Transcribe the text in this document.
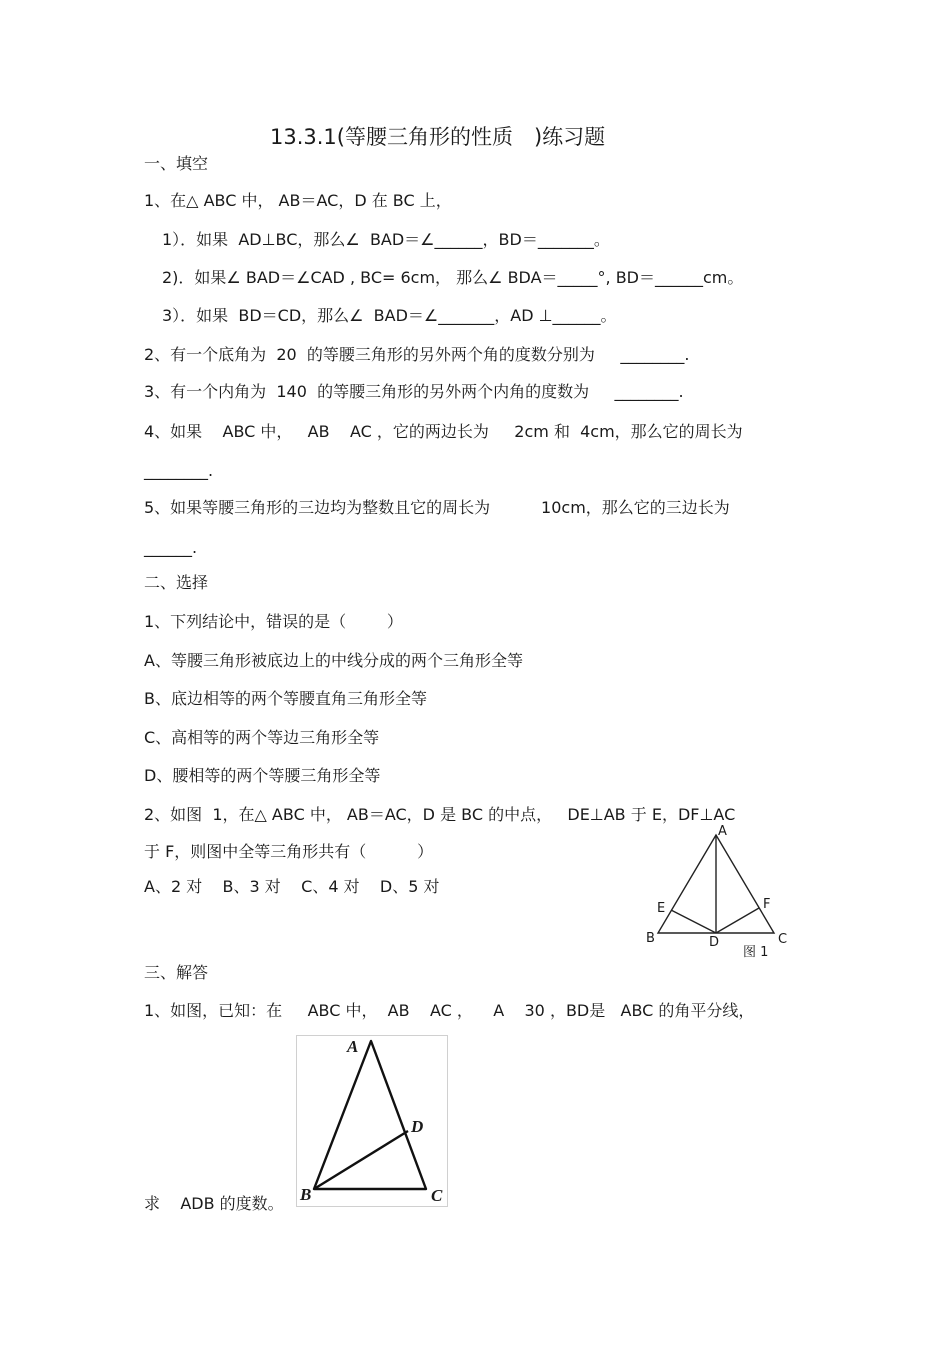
13.3.1(等腰三角形的性质　)练习题
一、填空
1、在△ ABC 中， AB＝AC，D 在 BC 上，
1）．如果  AD⊥BC，那么∠  BAD＝∠______，BD＝_______。
2)．如果∠ BAD＝∠CAD , BC= 6cm， 那么∠ BDA＝_____°, BD＝______cm。
3）．如果  BD＝CD，那么∠  BAD＝∠_______，AD ⊥______。
2、有一个底角为  20  的等腰三角形的另外两个角的度数分别为     ________.
3、有一个内角为  140  的等腰三角形的另外两个内角的度数为     ________.
4、如果    ABC 中，   AB    AC ，它的两边长为     2cm 和  4cm，那么它的周长为
________.
5、如果等腰三角形的三边均为整数且它的周长为          10cm，那么它的三边长为
______.
二、选择
1、下列结论中，错误的是（        ）
A、等腰三角形被底边上的中线分成的两个三角形全等
B、底边相等的两个等腰直角三角形全等
C、高相等的两个等边三角形全等
D、腰相等的两个等腰三角形全等
2、如图  1，在△ ABC 中， AB＝AC，D 是 BC 的中点，   DE⊥AB 于 E，DF⊥AC
于 F，则图中全等三角形共有（          ）
A、2 对    B、3 对    C、4 对    D、5 对
A
E	F
B	D	C
图 1
三、解答
1、如图，已知：在     ABC 中，  AB    AC ，    A    30 ，BD是   ABC 的角平分线，
A
D
B	C
求    ADB 的度数。
